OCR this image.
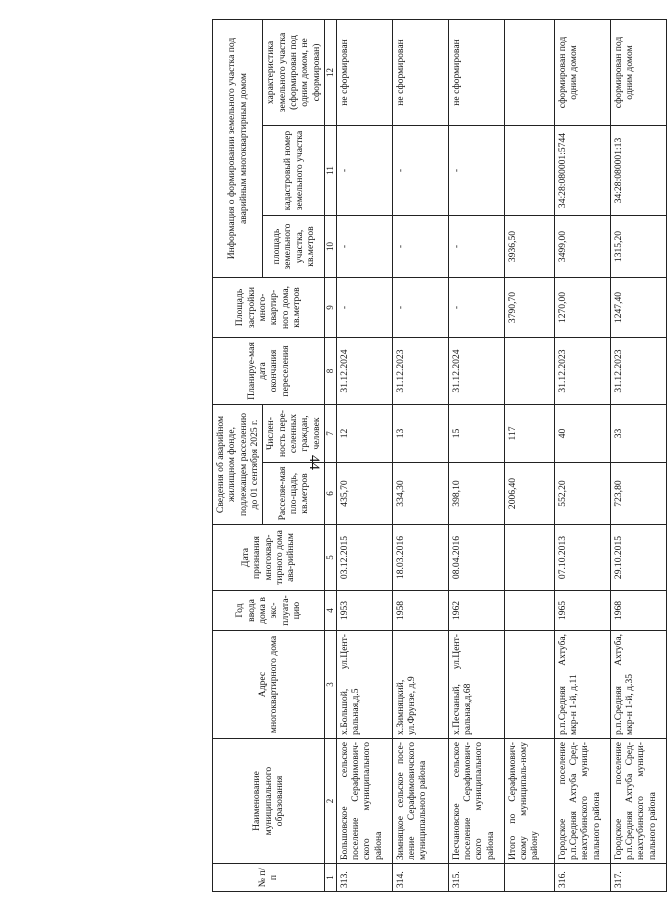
44
№ п/п	Наименование муниципального образования	Адрес многоквартирного дома	Год ввода дома в экс-плуата-цию	Дата признания многоквар-тирного дома ава-рийным	Сведения об аварийном жилищном фонде, подлежащем расселению до 01 сентября 2025 г.		Планируе-мая дата окончания переселения	Площадь застройки много-квартир-ного дома, кв.метров	Информация о формировании земельного участка под аварийным многоквартирным домом		
					Расселяе-мая пло-щадь, кв.метров	Числен-ность пере-селенных граждан, человек			площадь земельного участка, кв.метров	кадастровый номер земельного участка	характеристика земельного участка (сформирован под одним домом, не сформирован)
1	2	3	4	5	6	7	8	9	10	11	12
313.	Большовское сельское поселение Серафимович-ского муниципального района	х.Большой, ул.Цент-ральная,д.5	1953	03.12.2015	435,70	12	31.12.2024	-	-	-	не сформирован
314.	Зимняцкое сельское посе-ление Серафимовичского муниципального района	х.Зимняцкий, ул.Фрунзе, д.9	1958	18.03.2016	334,30	13	31.12.2023	-	-	-	не сформирован
315.	Песчановское сельское поселение Серафимович-ского муниципального района	х.Песчаный, ул.Цент-ральная,д.68	1962	08.04.2016	398,10	15	31.12.2024	-	-	-	не сформирован
	Итого по Серафимович-скому муниципаль-ному району				2006,40	117		3790,70	3936,50		
316.	Городское поселение р.п.Средняя Ахтуба Сред-неахтубинского муници-пального района	р.п.Средняя Ахтуба, мкр-н 1-й, д.11	1965	07.10.2013	552,20	40	31.12.2023	1270,00	3499,00	34:28:080001:5744	сформирован под одним домом
317.	Городское поселение р.п.Средняя Ахтуба Сред-неахтубинского муници-пального района	р.п.Средняя Ахтуба, мкр-н 1-й, д.35	1968	29.10.2015	723,80	33	31.12.2023	1247,40	1315,20	34:28:080001:13	сформирован под одним домом
